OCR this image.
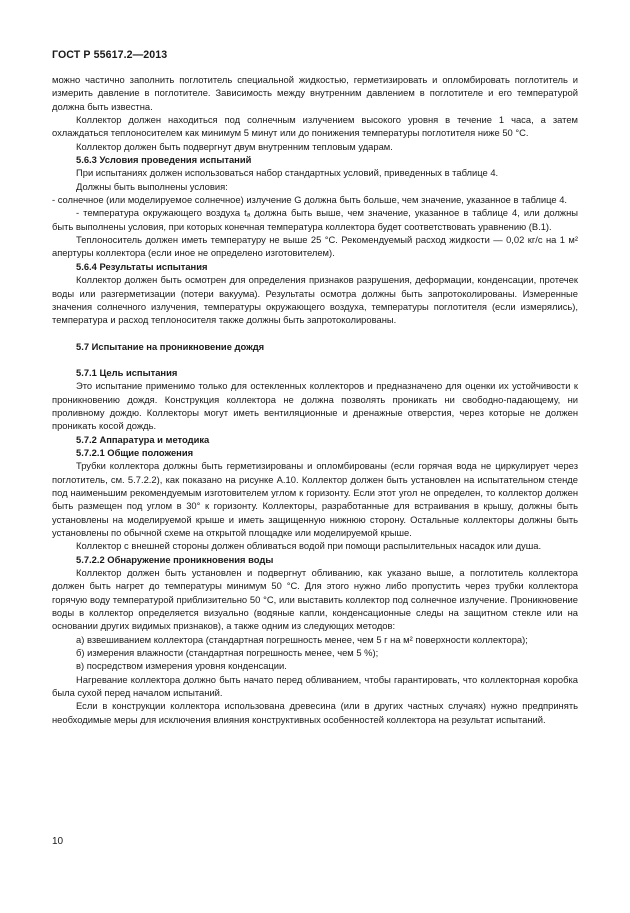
ГОСТ Р 55617.2—2013
можно частично заполнить поглотитель специальной жидкостью, герметизировать и опломбировать поглотитель и измерить давление в поглотителе. Зависимость между внутренним давлением в поглотителе и его температурой должна быть известна.
Коллектор должен находиться под солнечным излучением высокого уровня в течение 1 часа, а затем охлаждаться теплоносителем как минимум 5 минут или до понижения температуры поглотителя ниже 50 °С.
Коллектор должен быть подвергнут двум внутренним тепловым ударам.
5.6.3 Условия проведения испытаний
При испытаниях должен использоваться набор стандартных условий, приведенных в таблице 4.
Должны быть выполнены условия:
- солнечное (или моделируемое солнечное) излучение G должна быть больше, чем значение, указанное в таблице 4.
- температура окружающего воздуха tₐ должна быть выше, чем значение, указанное в таблице 4, или должны быть выполнены условия, при которых конечная температура коллектора будет соответствовать уравнению (В.1).
Теплоноситель должен иметь температуру не выше 25 °С. Рекомендуемый расход жидкости — 0,02 кг/с на 1 м² апертуры коллектора (если иное не определено изготовителем).
5.6.4 Результаты испытания
Коллектор должен быть осмотрен для определения признаков разрушения, деформации, конденсации, протечек воды или разгерметизации (потери вакуума). Результаты осмотра должны быть запротоколированы. Измеренные значения солнечного излучения, температуры окружающего воздуха, температуры поглотителя (если измерялись), температура и расход теплоносителя также должны быть запротоколированы.
5.7 Испытание на проникновение дождя
5.7.1 Цель испытания
Это испытание применимо только для остекленных коллекторов и предназначено для оценки их устойчивости к проникновению дождя. Конструкция коллектора не должна позволять проникать ни свободно-падающему, ни проливному дождю. Коллекторы могут иметь вентиляционные и дренажные отверстия, через которые не должен проникать косой дождь.
5.7.2 Аппаратура и методика
5.7.2.1 Общие положения
Трубки коллектора должны быть герметизированы и опломбированы (если горячая вода не циркулирует через поглотитель, см. 5.7.2.2), как показано на рисунке А.10. Коллектор должен быть установлен на испытательном стенде под наименьшим рекомендуемым изготовителем углом к горизонту. Если этот угол не определен, то коллектор должен быть размещен под углом в 30° к горизонту. Коллекторы, разработанные для встраивания в крышу, должны быть установлены на моделируемой крыше и иметь защищенную нижнюю сторону. Остальные коллекторы должны быть установлены по обычной схеме на открытой площадке или моделируемой крыше.
Коллектор с внешней стороны должен обливаться водой при помощи распылительных насадок или душа.
5.7.2.2 Обнаружение проникновения воды
Коллектор должен быть установлен и подвергнут обливанию, как указано выше, а поглотитель коллектора должен быть нагрет до температуры минимум 50 °С. Для этого нужно либо пропустить через трубки коллектора горячую воду температурой приблизительно 50 °С, или выставить коллектор под солнечное излучение. Проникновение воды в коллектор определяется визуально (водяные капли, конденсационные следы на защитном стекле или на основании других видимых признаков), а также одним из следующих методов:
а) взвешиванием коллектора (стандартная погрешность менее, чем 5 г на м² поверхности коллектора);
б) измерения влажности (стандартная погрешность менее, чем 5 %);
в) посредством измерения уровня конденсации.
Нагревание коллектора должно быть начато перед обливанием, чтобы гарантировать, что коллекторная коробка была сухой перед началом испытаний.
Если в конструкции коллектора использована древесина (или в других частных случаях) нужно предпринять необходимые меры для исключения влияния конструктивных особенностей коллектора на результат испытаний.
10
